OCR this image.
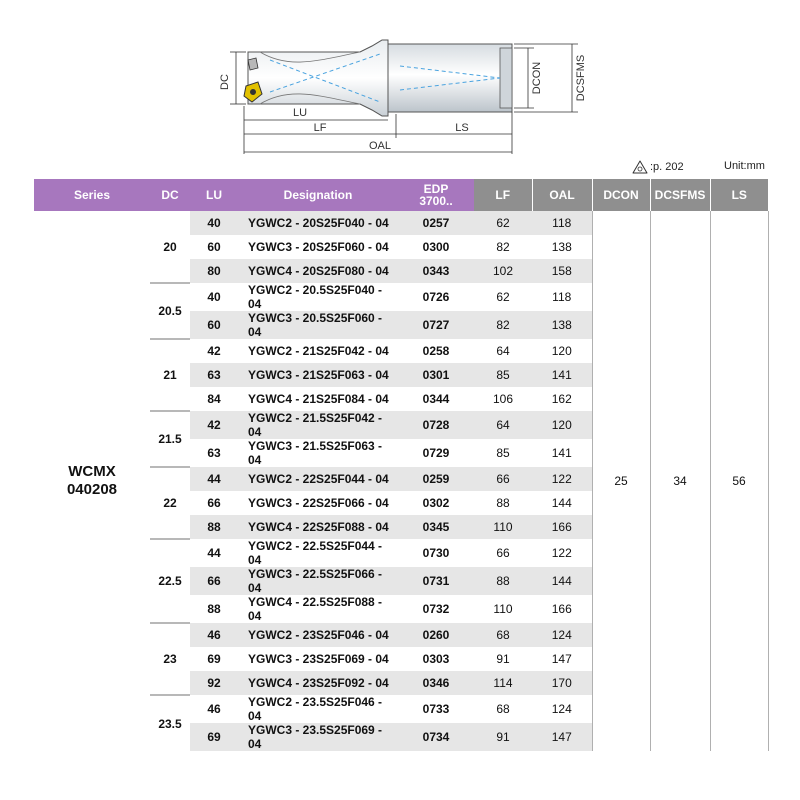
DC
LU
LF	LS
OAL
DCON	DCSFMS
:p. 202	Unit:mm
Series	DC	LU	Designation	EDP
3700..	LF	OAL	DCON	DCSFMS	LS
WCMX
040208	20	40	YGWC2 - 20S25F040 - 04	0257	62	118	25	34	56
		60	YGWC3 - 20S25F060 - 04	0300	82	138			
		80	YGWC4 - 20S25F080 - 04	0343	102	158			
	20.5	40	YGWC2 - 20.5S25F040 - 04	0726	62	118			
		60	YGWC3 - 20.5S25F060 - 04	0727	82	138			
	21	42	YGWC2 - 21S25F042 - 04	0258	64	120			
		63	YGWC3 - 21S25F063 - 04	0301	85	141			
		84	YGWC4 - 21S25F084 - 04	0344	106	162			
	21.5	42	YGWC2 - 21.5S25F042 - 04	0728	64	120			
		63	YGWC3 - 21.5S25F063 - 04	0729	85	141			
	22	44	YGWC2 - 22S25F044 - 04	0259	66	122			
		66	YGWC3 - 22S25F066 - 04	0302	88	144			
		88	YGWC4 - 22S25F088 - 04	0345	110	166			
	22.5	44	YGWC2 - 22.5S25F044 - 04	0730	66	122			
		66	YGWC3 - 22.5S25F066 - 04	0731	88	144			
		88	YGWC4 - 22.5S25F088 - 04	0732	110	166			
	23	46	YGWC2 - 23S25F046 - 04	0260	68	124			
		69	YGWC3 - 23S25F069 - 04	0303	91	147			
		92	YGWC4 - 23S25F092 - 04	0346	114	170			
	23.5	46	YGWC2 - 23.5S25F046 - 04	0733	68	124			
		69	YGWC3 - 23.5S25F069 - 04	0734	91	147			
